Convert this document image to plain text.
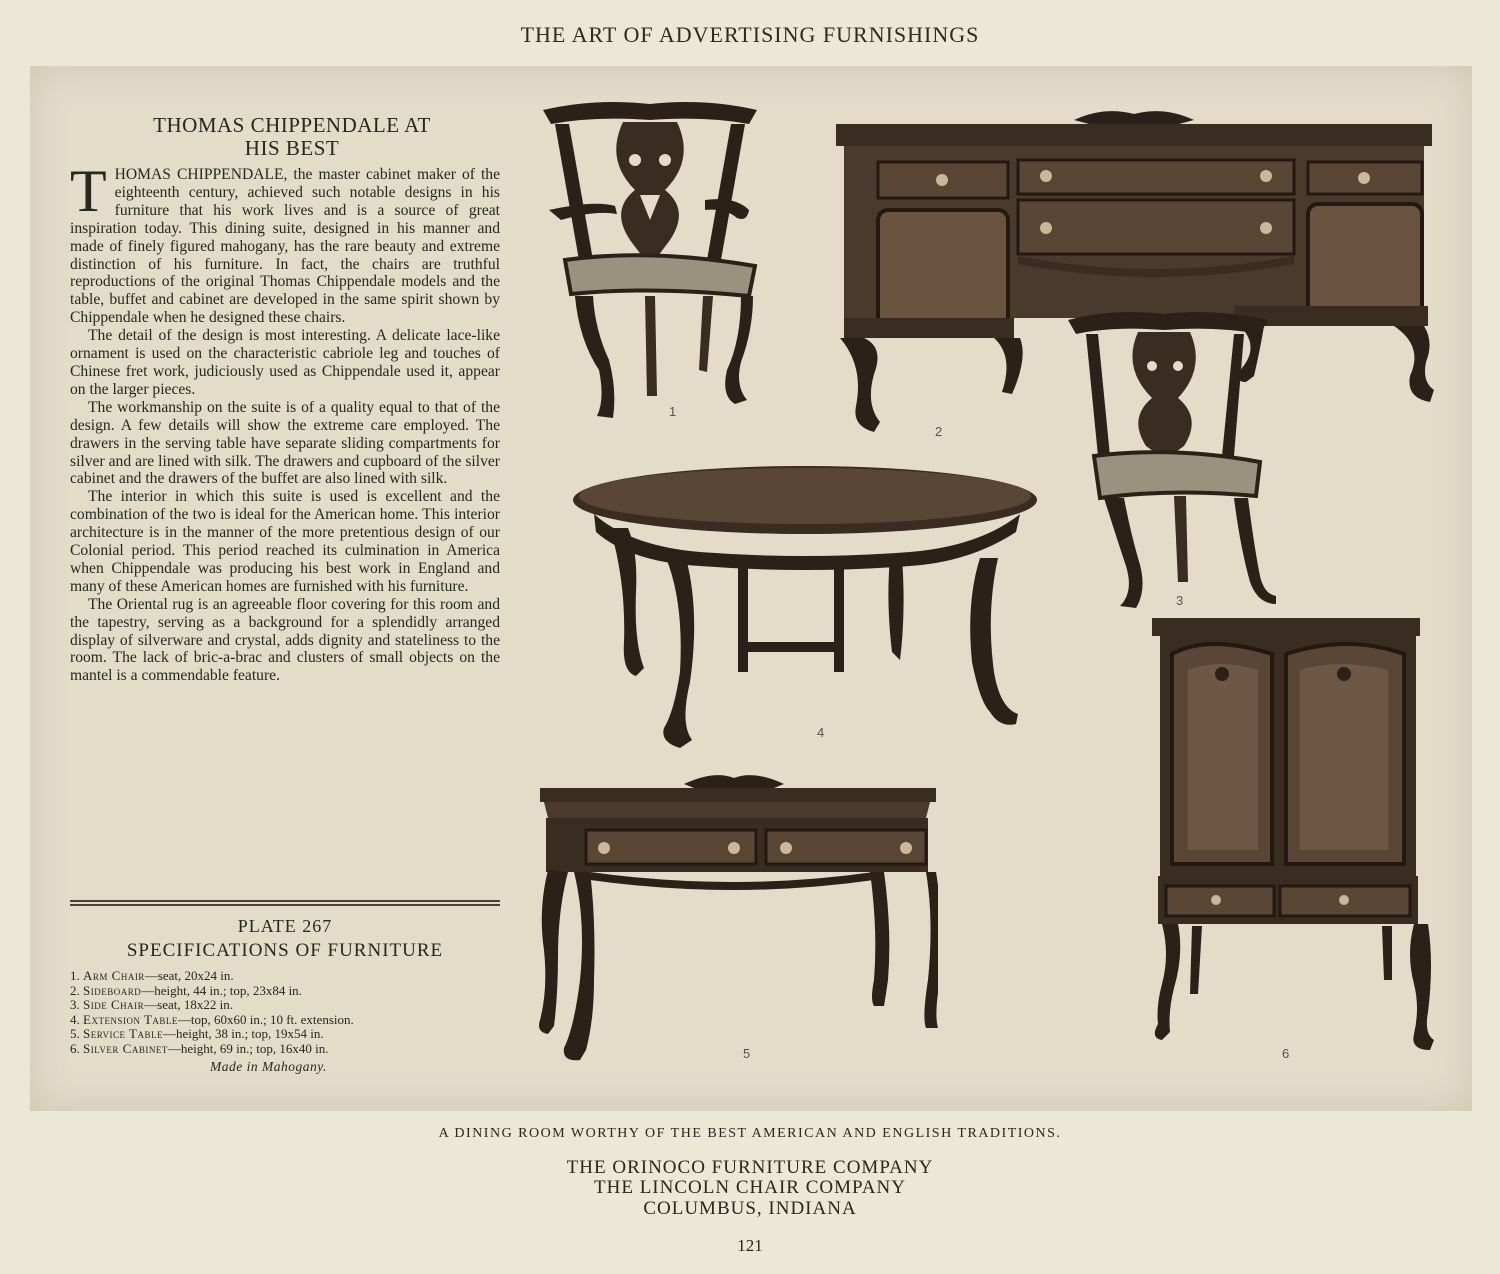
THE ART OF ADVERTISING FURNISHINGS
THOMAS CHIPPENDALE AT
HIS BEST

THOMAS CHIPPENDALE, the master cabinet maker of the eighteenth century, achieved such notable designs in his furniture that his work lives and is a source of great inspiration today. This dining suite, designed in his manner and made of finely figured mahogany, has the rare beauty and extreme distinction of his furniture. In fact, the chairs are truthful reproductions of the original Thomas Chippendale models and the table, buffet and cabinet are developed in the same spirit shown by Chippendale when he designed these chairs.

The detail of the design is most interesting. A delicate lace-like ornament is used on the characteristic cabriole leg and touches of Chinese fret work, judiciously used as Chippendale used it, appear on the larger pieces.

The workmanship on the suite is of a quality equal to that of the design. A few details will show the extreme care employed. The drawers in the serving table have separate sliding compartments for silver and are lined with silk. The drawers and cupboard of the silver cabinet and the drawers of the buffet are also lined with silk.

The interior in which this suite is used is excellent and the combination of the two is ideal for the American home. This interior architecture is in the manner of the more pretentious design of our Colonial period. This period reached its culmination in America when Chippendale was producing his best work in England and many of these American homes are furnished with his furniture.

The Oriental rug is an agreeable floor covering for this room and the tapestry, serving as a background for a splendidly arranged display of silverware and crystal, adds dignity and stateliness to the room. The lack of bric-a-brac and clusters of small objects on the mantel is a commendable feature.

PLATE 267
SPECIFICATIONS OF FURNITURE
1. Arm Chair—seat, 20x24 in.
2. Sideboard—height, 44 in.; top, 23x84 in.
3. Side Chair—seat, 18x22 in.
4. Extension Table—top, 60x60 in.; 10 ft. extension.
5. Service Table—height, 38 in.; top, 19x54 in.
6. Silver Cabinet—height, 69 in.; top, 16x40 in.
Made in Mahogany.
1
2
3
4
5	6
A DINING ROOM WORTHY OF THE BEST AMERICAN AND ENGLISH TRADITIONS.
THE ORINOCO FURNITURE COMPANY
THE LINCOLN CHAIR COMPANY
COLUMBUS, INDIANA
121
